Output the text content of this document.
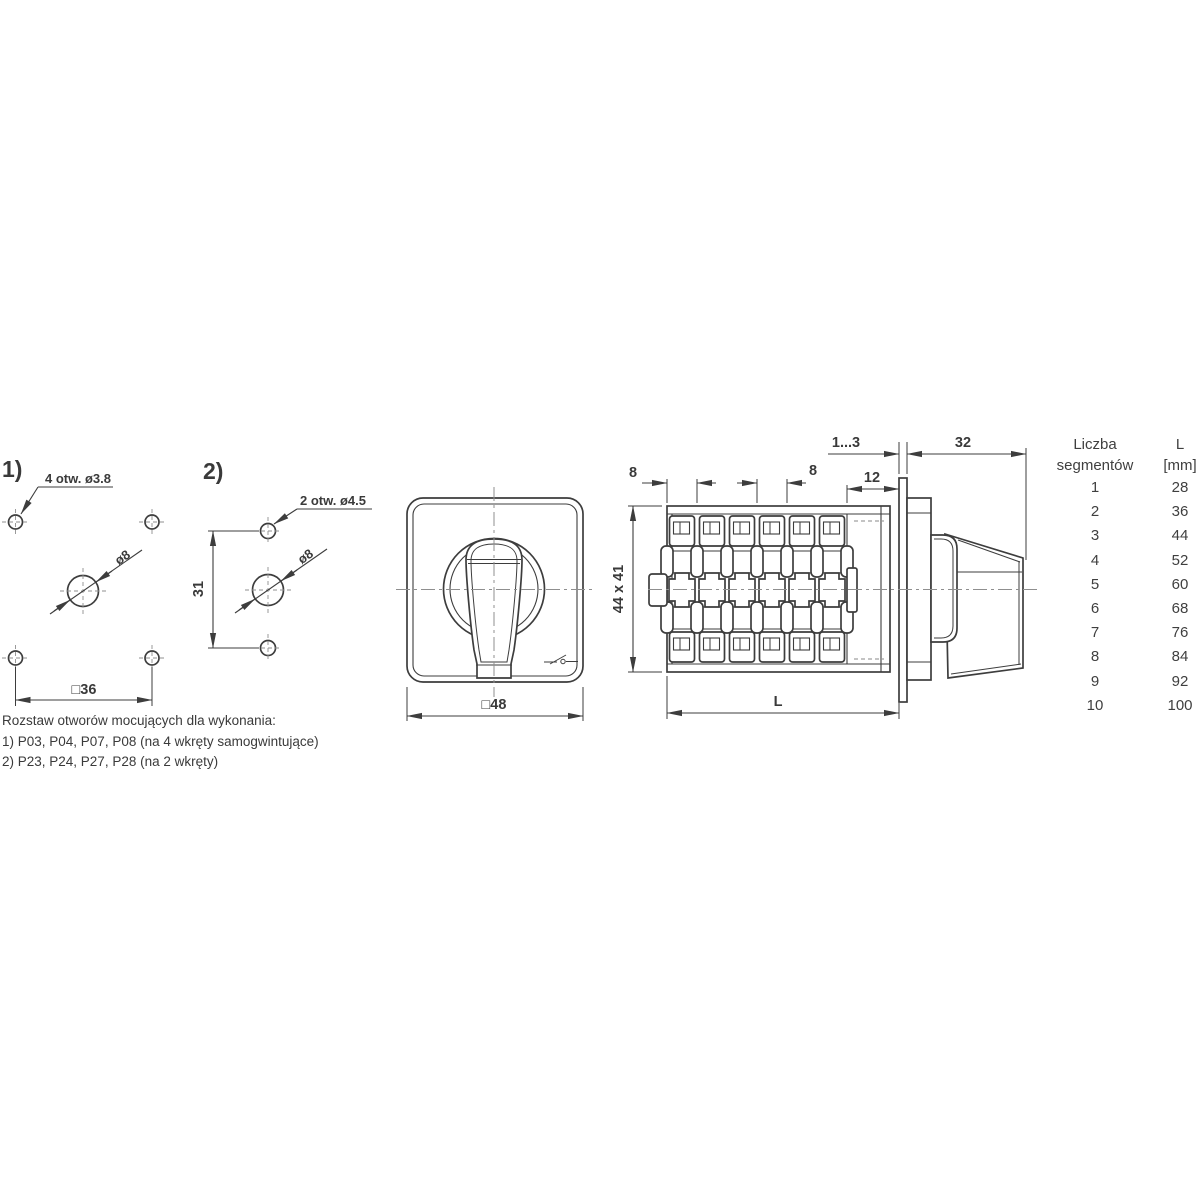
1) 4 otw. ø3.8
ø8
□36
2)
2 otw. ø4.5
ø8
31
□48
44 x 41
8	8	12
1...3	32
L
Liczba	L
segmentów	[mm]
1	28
2	36
3	44
4	52
5	60
6	68
7	76
8	84
9	92
10	100
Rozstaw otworów mocujących dla wykonania:
1) P03, P04, P07, P08 (na 4 wkręty samogwintujące)
2) P23, P24, P27, P28 (na 2 wkręty)
